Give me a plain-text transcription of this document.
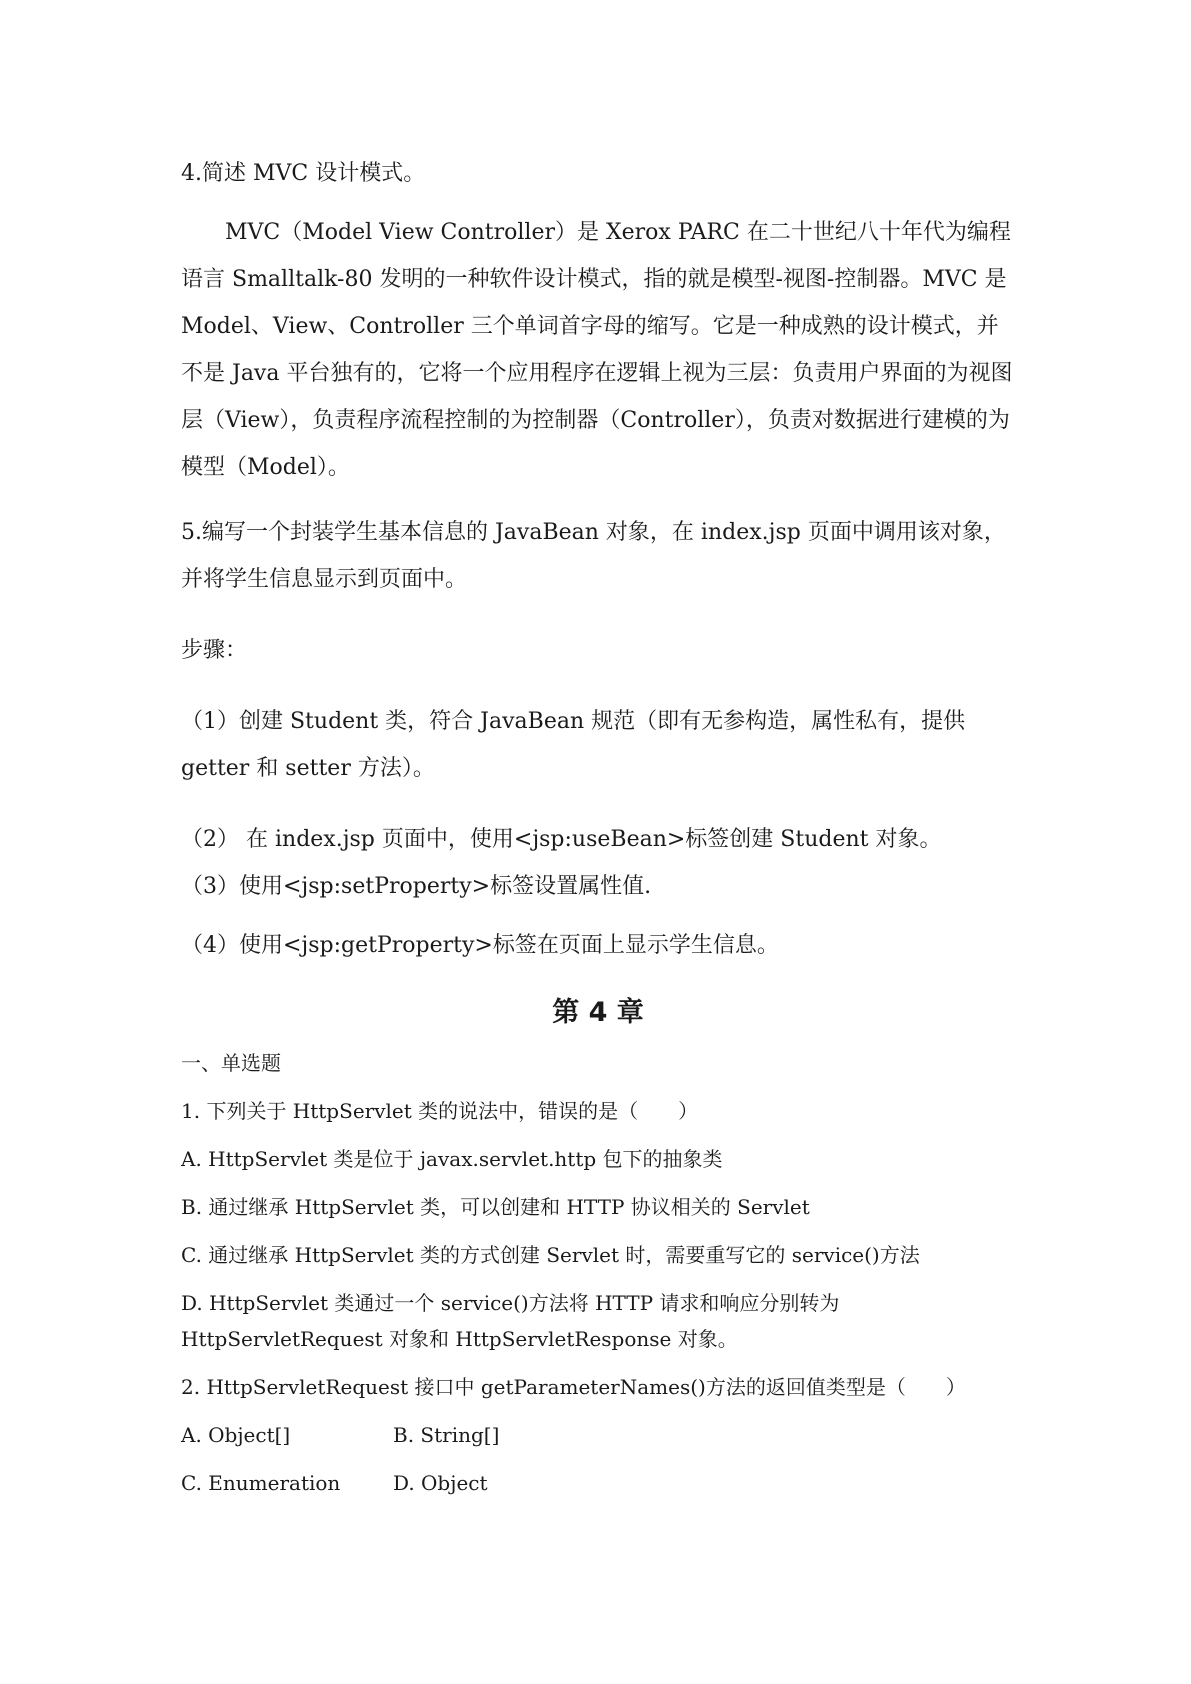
4.简述 MVC 设计模式。

MVC（Model View Controller）是 Xerox PARC 在二十世纪八十年代为编程语言 Smalltalk-80 发明的一种软件设计模式，指的就是模型-视图-控制器。MVC 是 Model、View、Controller 三个单词首字母的缩写。它是一种成熟的设计模式，并不是 Java 平台独有的，它将一个应用程序在逻辑上视为三层：负责用户界面的为视图层（View），负责程序流程控制的为控制器（Controller），负责对数据进行建模的为模型（Model）。

5.编写一个封装学生基本信息的 JavaBean 对象，在 index.jsp 页面中调用该对象，并将学生信息显示到页面中。

步骤：

（1）创建 Student 类，符合 JavaBean 规范（即有无参构造，属性私有，提供 getter 和 setter 方法）。

（2） 在 index.jsp 页面中，使用<jsp:useBean>标签创建 Student 对象。

（3）使用<jsp:setProperty>标签设置属性值.

（4）使用<jsp:getProperty>标签在页面上显示学生信息。

第 4 章

一、单选题

1. 下列关于 HttpServlet 类的说法中，错误的是（　　）

A. HttpServlet 类是位于 javax.servlet.http 包下的抽象类

B. 通过继承 HttpServlet 类，可以创建和 HTTP 协议相关的 Servlet

C. 通过继承 HttpServlet 类的方式创建 Servlet 时，需要重写它的 service()方法

D. HttpServlet 类通过一个 service()方法将 HTTP 请求和响应分别转为 HttpServletRequest 对象和 HttpServletResponse 对象。

2. HttpServletRequest 接口中 getParameterNames()方法的返回值类型是（　　）

A. Object[]	B. String[]
C. Enumeration	D. Object
